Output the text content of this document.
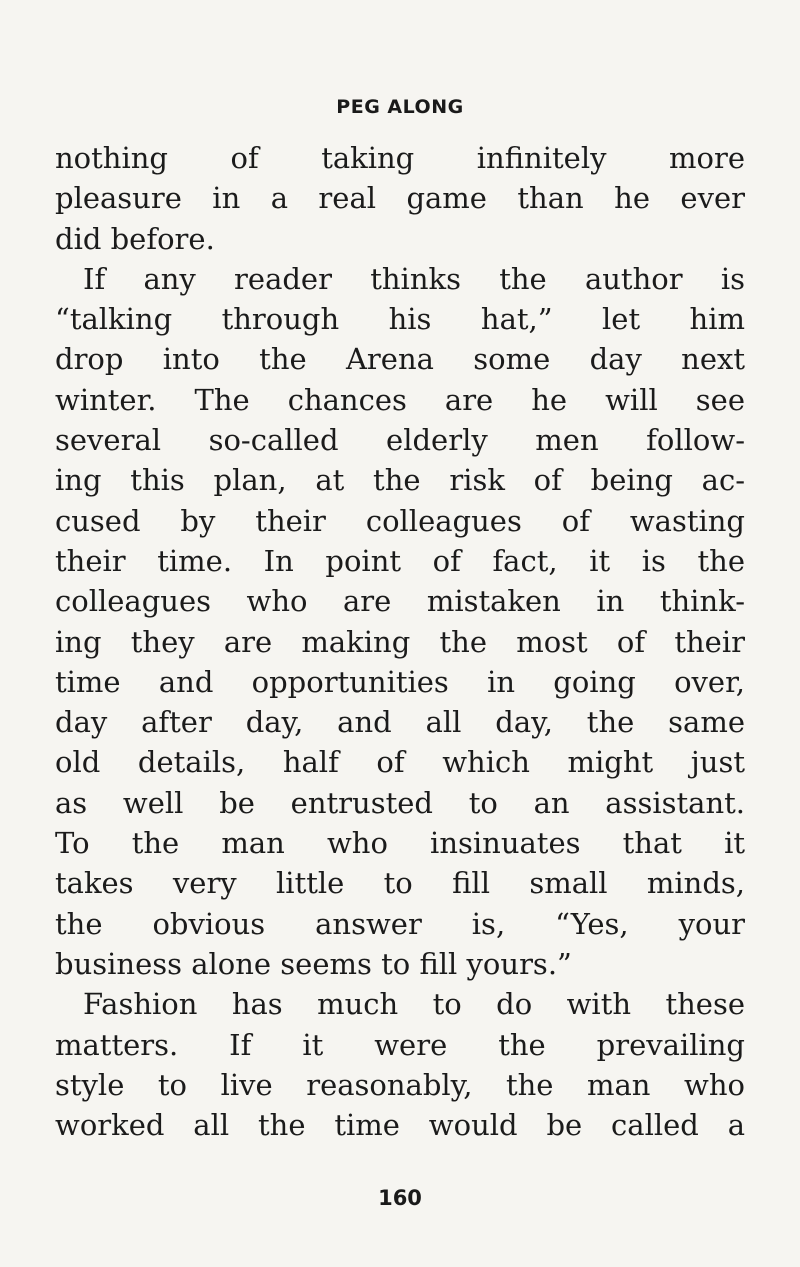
PEG ALONG
nothing of taking infinitely more
pleasure in a real game than he ever
did before.
If any reader thinks the author is
“talking through his hat,” let him
drop into the Arena some day next
winter. The chances are he will see
several so-called elderly men follow-
ing this plan, at the risk of being ac-
cused by their colleagues of wasting
their time. In point of fact, it is the
colleagues who are mistaken in think-
ing they are making the most of their
time and opportunities in going over,
day after day, and all day, the same
old details, half of which might just
as well be entrusted to an assistant.
To the man who insinuates that it
takes very little to fill small minds,
the obvious answer is, “Yes, your
business alone seems to fill yours.”
Fashion has much to do with these
matters. If it were the prevailing
style to live reasonably, the man who
worked all the time would be called a
160
